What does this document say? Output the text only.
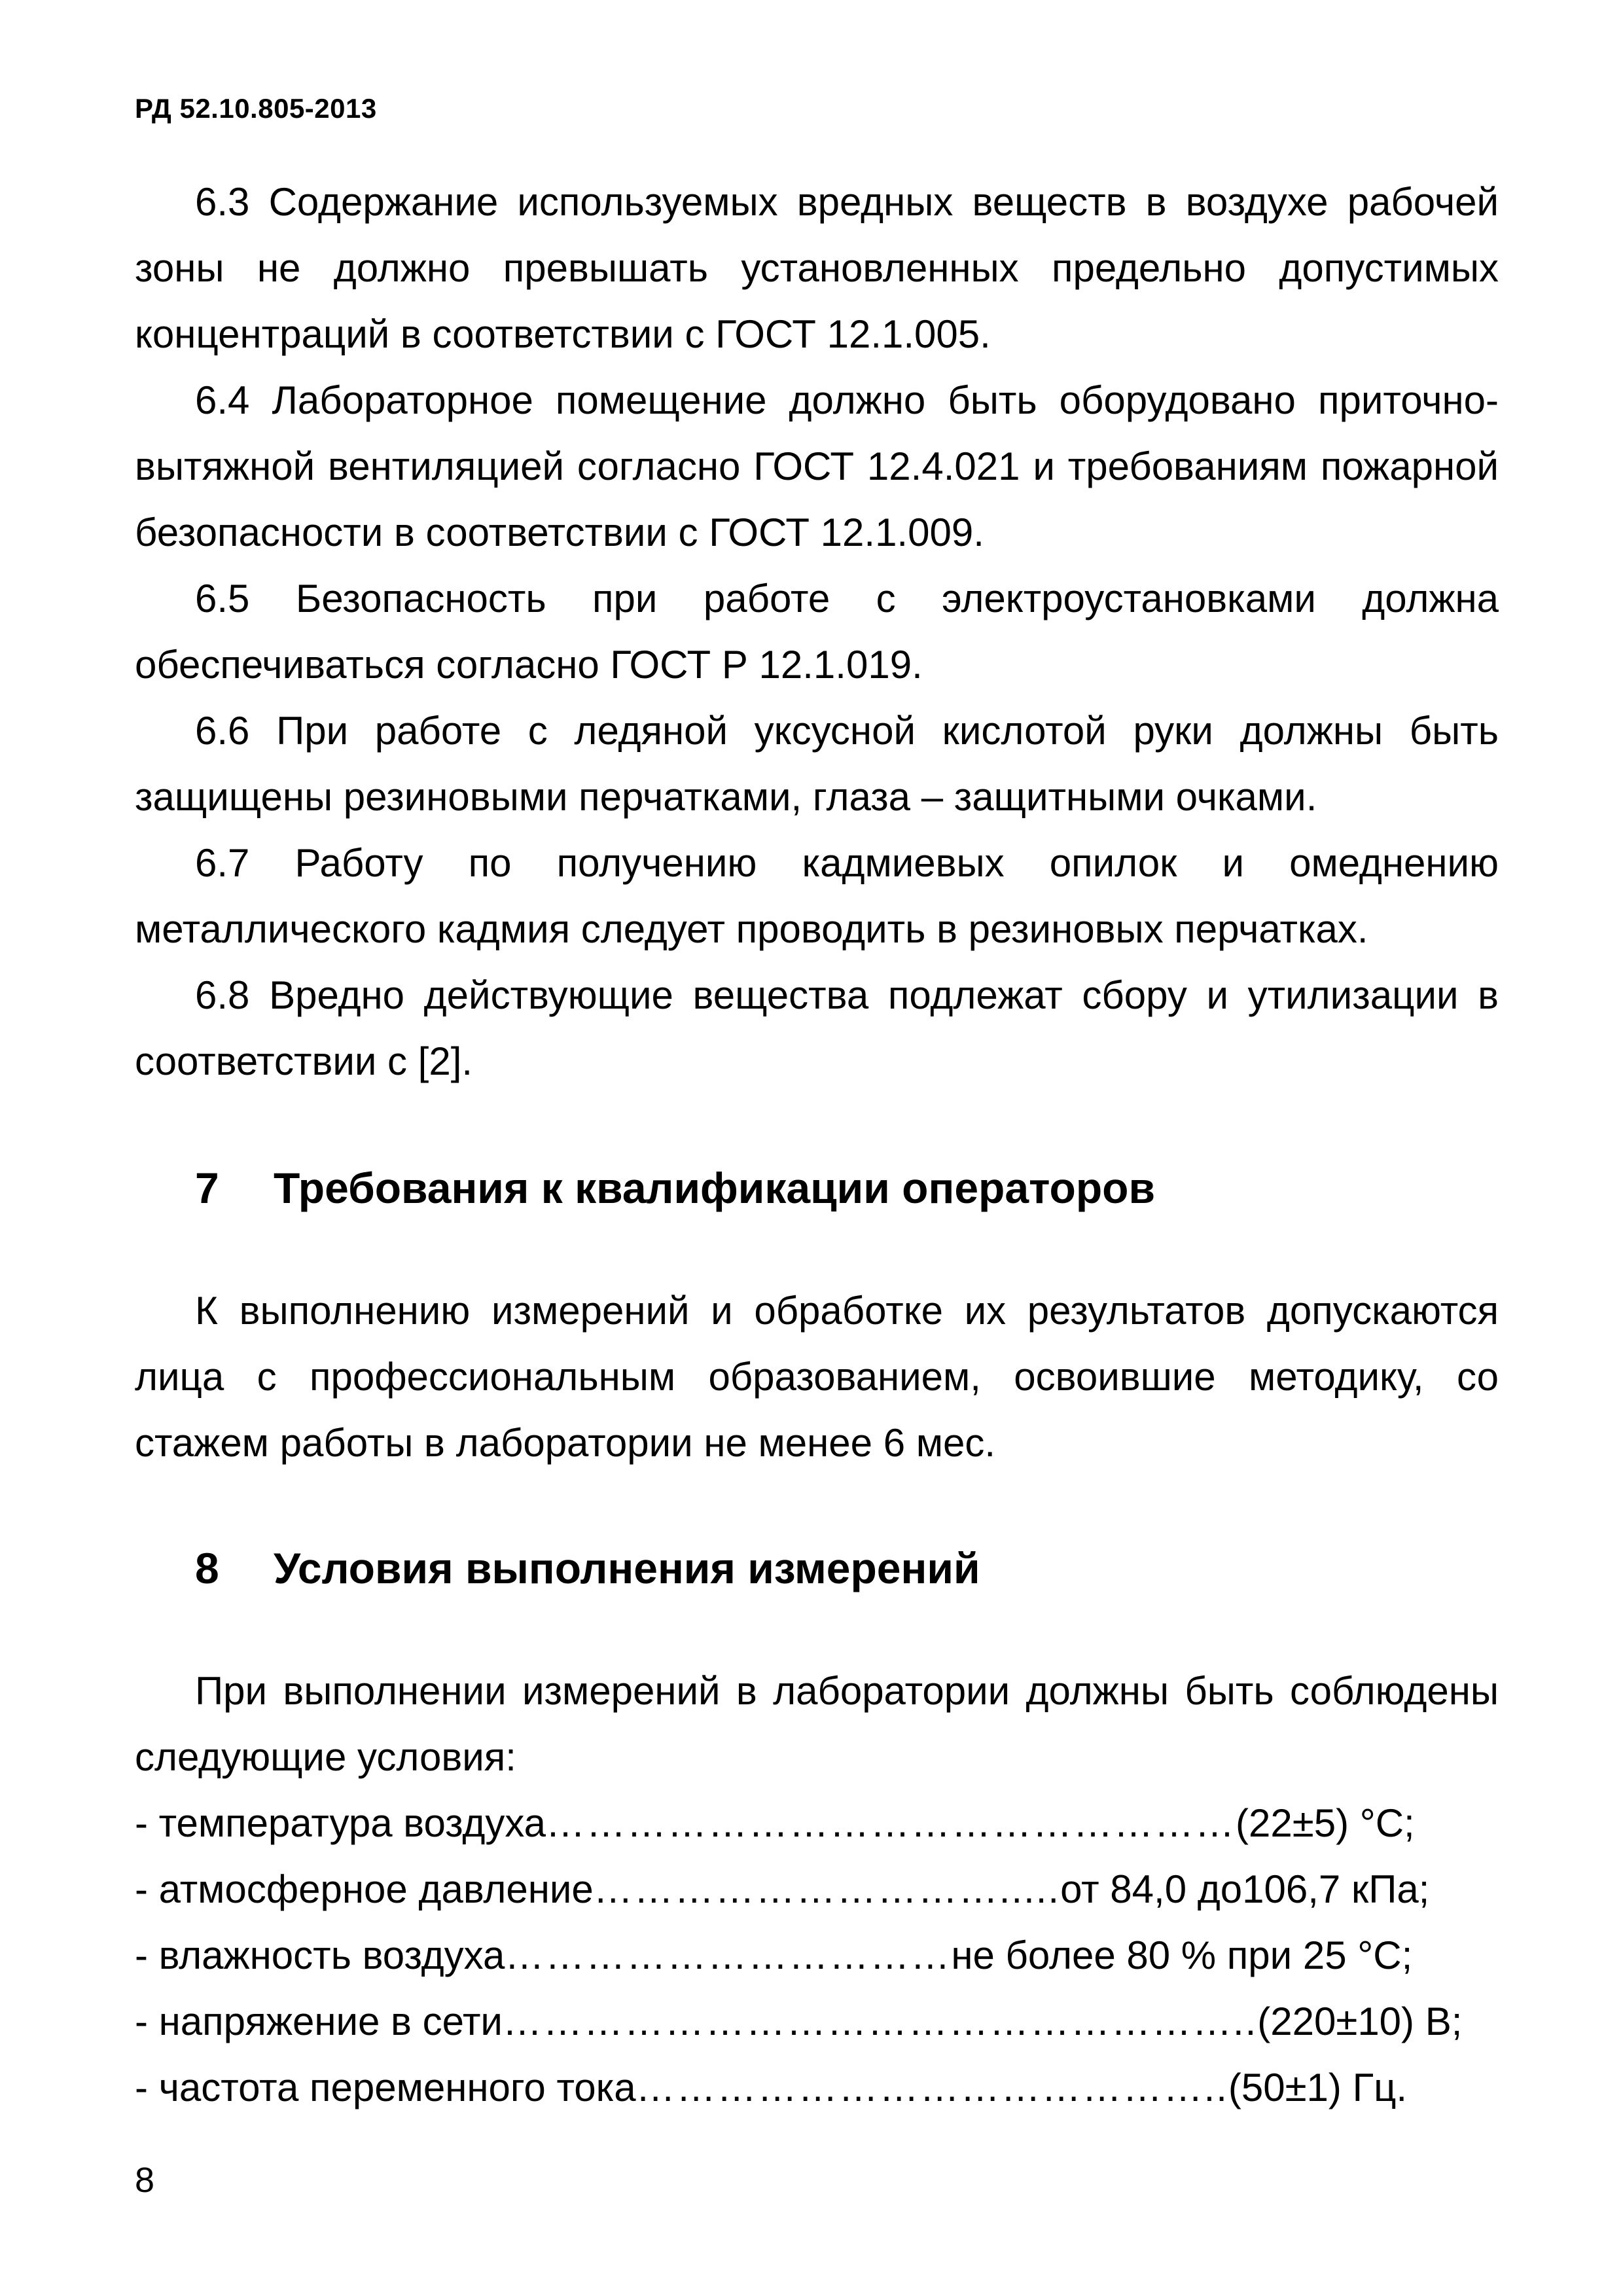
РД 52.10.805-2013

6.3 Содержание используемых вредных веществ в воздухе рабочей зоны не должно превышать установленных предельно допустимых концентраций в соответствии с ГОСТ 12.1.005.

6.4 Лабораторное помещение должно быть оборудовано приточно-вытяжной вентиляцией согласно ГОСТ 12.4.021 и требованиям пожарной безопасности в соответствии с ГОСТ 12.1.009.

6.5 Безопасность при работе с электроустановками должна обеспечиваться согласно ГОСТ Р 12.1.019.

6.6 При работе с ледяной уксусной кислотой руки должны быть защищены резиновыми перчатками, глаза – защитными очками.

6.7 Работу по получению кадмиевых опилок и омеднению металлического кадмия следует проводить в резиновых перчатках.

6.8 Вредно действующие вещества подлежат сбору и утилизации в соответствии с [2].

7	Требования к квалификации операторов

К выполнению измерений и обработке их результатов допускаются лица с профессиональным образованием, освоившие методику, со стажем работы в лаборатории не менее 6 мес.

8	Условия выполнения измерений

При выполнении измерений в лаборатории должны быть соблюдены следующие условия:

- температура воздуха……………………………………………(22±5) °С;
- атмосферное давление………………………….....от 84,0 до106,7 кПа;
- влажность воздуха……………………………не более 80 % при 25 °С;
- напряжение в сети………………………………………………..(220±10) В;
- частота переменного тока……………………………………..(50±1) Гц.
8
